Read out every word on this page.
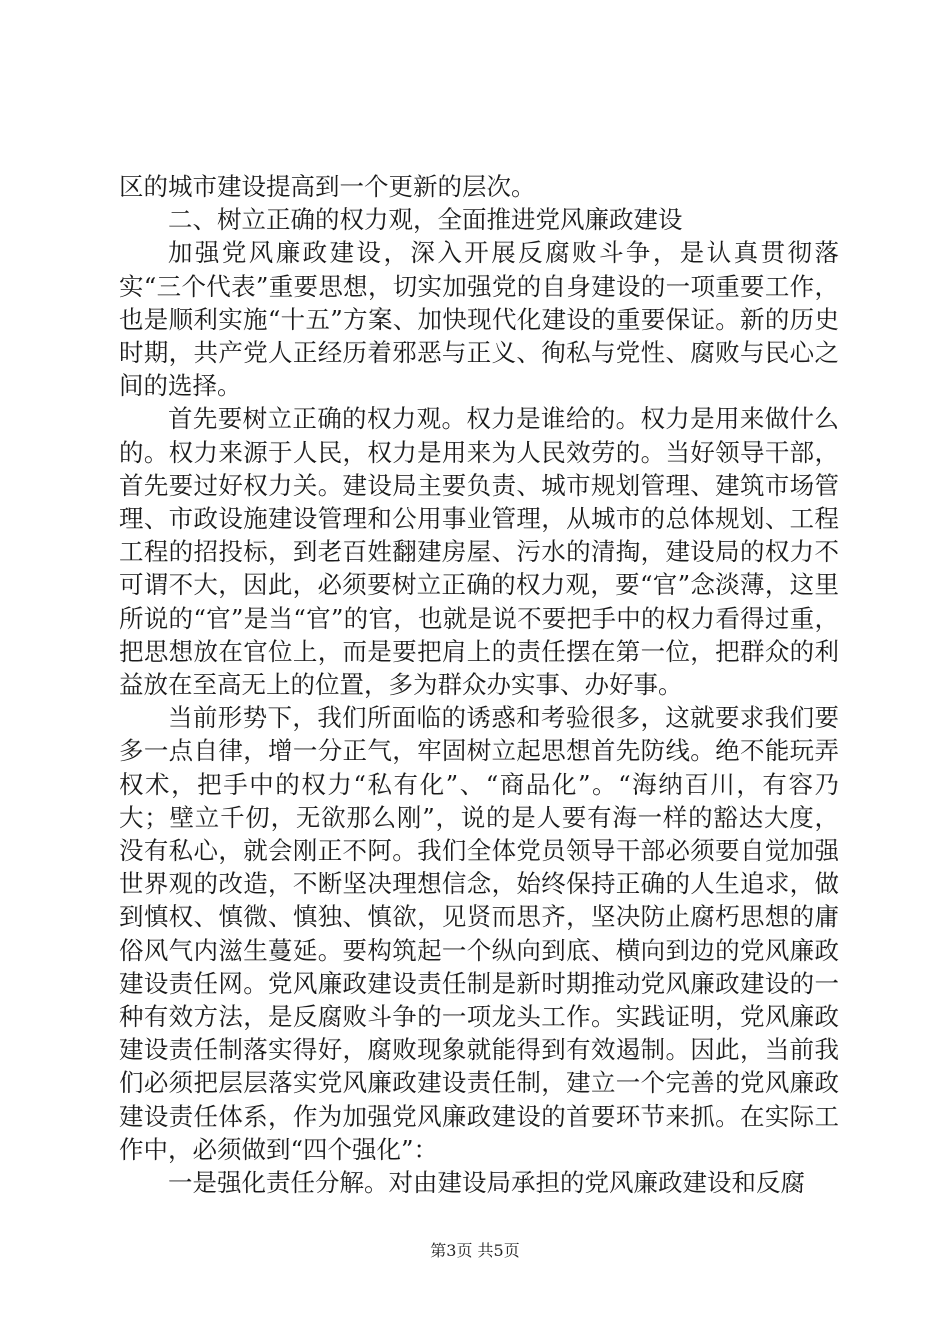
区的城市建设提高到一个更新的层次。

二、树立正确的权力观，全面推进党风廉政建设

加强党风廉政建设，深入开展反腐败斗争，是认真贯彻落实“三个代表”重要思想，切实加强党的自身建设的一项重要工作，也是顺利实施“十五”方案、加快现代化建设的重要保证。新的历史时期，共产党人正经历着邪恶与正义、徇私与党性、腐败与民心之间的选择。

首先要树立正确的权力观。权力是谁给的。权力是用来做什么的。权力来源于人民，权力是用来为人民效劳的。当好领导干部，首先要过好权力关。建设局主要负责、城市规划管理、建筑市场管理、市政设施建设管理和公用事业管理，从城市的总体规划、工程工程的招投标，到老百姓翻建房屋、污水的清掏，建设局的权力不可谓不大，因此，必须要树立正确的权力观，要“官”念淡薄，这里所说的“官”是当“官”的官，也就是说不要把手中的权力看得过重，把思想放在官位上，而是要把肩上的责任摆在第一位，把群众的利益放在至高无上的位置，多为群众办实事、办好事。

当前形势下，我们所面临的诱惑和考验很多，这就要求我们要多一点自律，增一分正气，牢固树立起思想首先防线。绝不能玩弄权术，把手中的权力“私有化”、“商品化”。“海纳百川，有容乃大；壁立千仞，无欲那么刚”，说的是人要有海一样的豁达大度，没有私心，就会刚正不阿。我们全体党员领导干部必须要自觉加强世界观的改造，不断坚决理想信念，始终保持正确的人生追求，做到慎权、慎微、慎独、慎欲，见贤而思齐，坚决防止腐朽思想的庸俗风气内滋生蔓延。要构筑起一个纵向到底、横向到边的党风廉政建设责任网。党风廉政建设责任制是新时期推动党风廉政建设的一种有效方法，是反腐败斗争的一项龙头工作。实践证明，党风廉政建设责任制落实得好，腐败现象就能得到有效遏制。因此，当前我们必须把层层落实党风廉政建设责任制，建立一个完善的党风廉政建设责任体系，作为加强党风廉政建设的首要环节来抓。在实际工作中，必须做到“四个强化”：

一是强化责任分解。对由建设局承担的党风廉政建设和反腐

第3页 共5页
